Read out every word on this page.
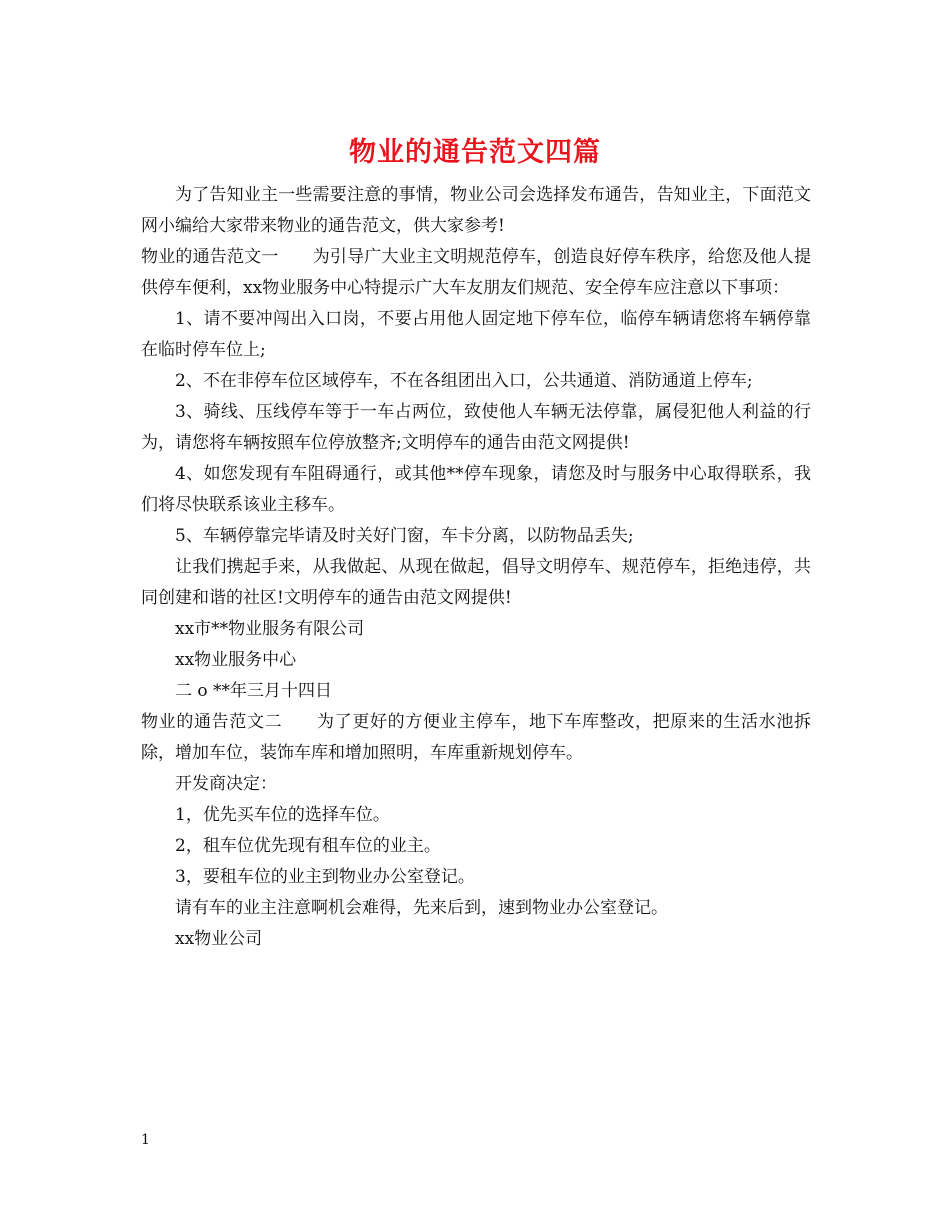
物业的通告范文四篇

为了告知业主一些需要注意的事情，物业公司会选择发布通告，告知业主，下面范文网小编给大家带来物业的通告范文，供大家参考!

物业的通告范文一 为引导广大业主文明规范停车，创造良好停车秩序，给您及他人提供停车便利，xx物业服务中心特提示广大车友朋友们规范、安全停车应注意以下事项：

1、请不要冲闯出入口岗，不要占用他人固定地下停车位，临停车辆请您将车辆停靠在临时停车位上;

2、不在非停车位区域停车，不在各组团出入口，公共通道、消防通道上停车;

3、骑线、压线停车等于一车占两位，致使他人车辆无法停靠，属侵犯他人利益的行为，请您将车辆按照车位停放整齐;文明停车的通告由范文网提供!

4、如您发现有车阻碍通行，或其他**停车现象，请您及时与服务中心取得联系，我们将尽快联系该业主移车。

5、车辆停靠完毕请及时关好门窗，车卡分离，以防物品丢失;

让我们携起手来，从我做起、从现在做起，倡导文明停车、规范停车，拒绝违停，共同创建和谐的社区!文明停车的通告由范文网提供!

xx市**物业服务有限公司

xx物业服务中心

二 o **年三月十四日

物业的通告范文二 为了更好的方便业主停车，地下车库整改，把原来的生活水池拆除，增加车位，装饰车库和增加照明，车库重新规划停车。

开发商决定：

1，优先买车位的选择车位。

2，租车位优先现有租车位的业主。

3，要租车位的业主到物业办公室登记。

请有车的业主注意啊机会难得，先来后到，速到物业办公室登记。

xx物业公司

1
